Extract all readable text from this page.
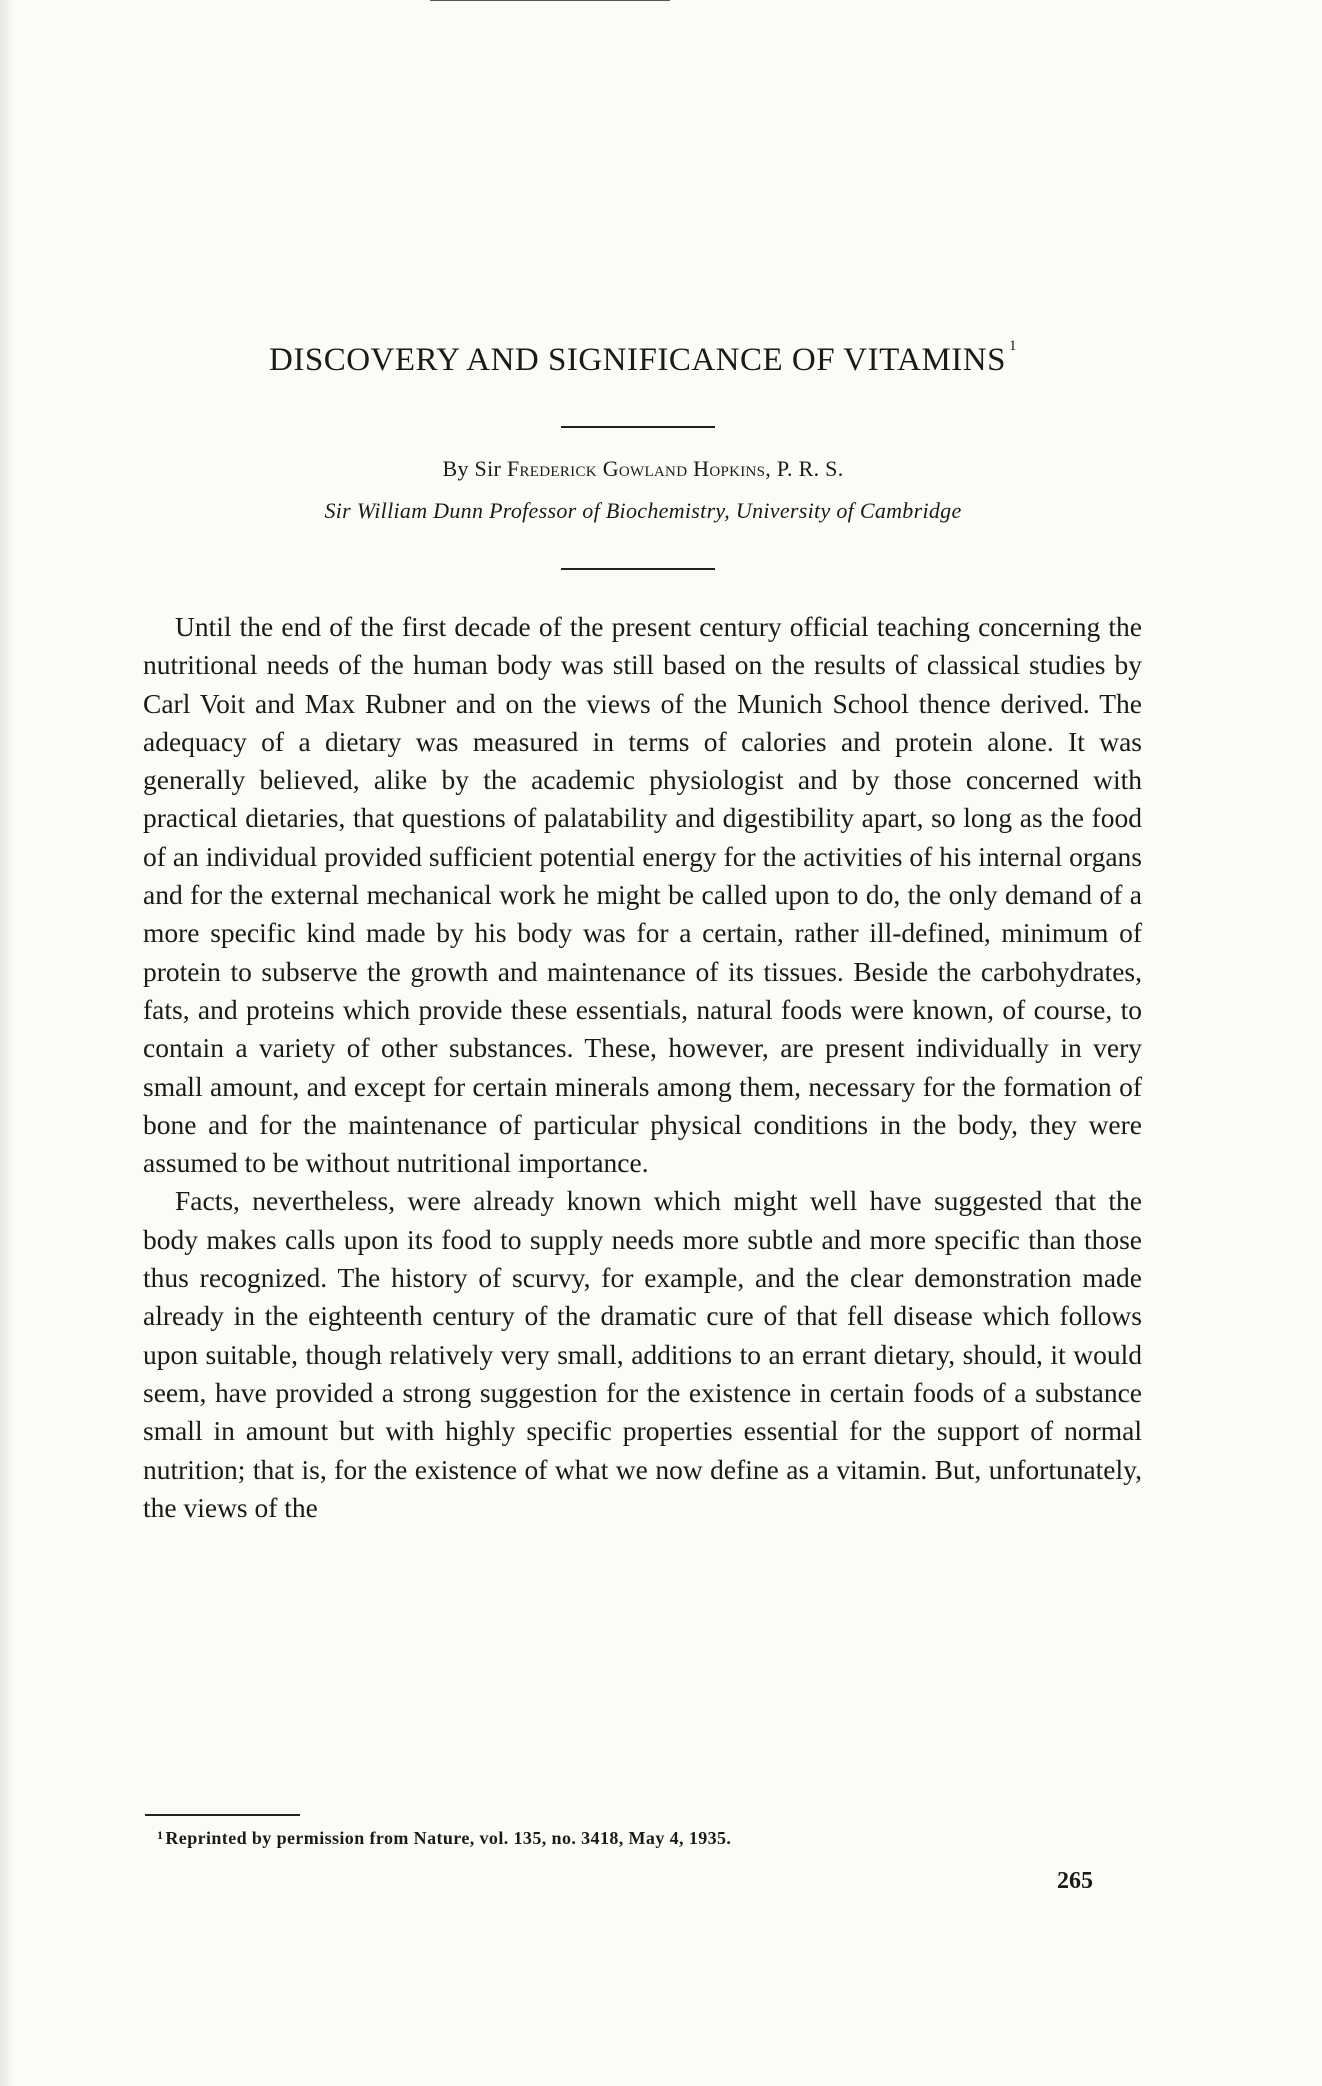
DISCOVERY AND SIGNIFICANCE OF VITAMINS $^1$
By Sir Frederick Gowland Hopkins, P. R. S.
Sir William Dunn Professor of Biochemistry, University of Cambridge

Until the end of the first decade of the present century official teaching concerning the nutritional needs of the human body was still based on the results of classical studies by Carl Voit and Max Rubner and on the views of the Munich School thence derived. The adequacy of a dietary was measured in terms of calories and protein alone. It was generally believed, alike by the academic physiologist and by those concerned with practical dietaries, that questions of palatability and digestibility apart, so long as the food of an individual provided sufficient potential energy for the activities of his internal organs and for the external mechanical work he might be called upon to do, the only demand of a more specific kind made by his body was for a certain, rather ill-defined, minimum of protein to subserve the growth and maintenance of its tissues. Beside the carbohydrates, fats, and proteins which provide these essentials, natural foods were known, of course, to contain a variety of other substances. These, however, are present individually in very small amount, and except for certain minerals among them, necessary for the formation of bone and for the maintenance of particular physical conditions in the body, they were assumed to be without nutritional importance.

Facts, nevertheless, were already known which might well have suggested that the body makes calls upon its food to supply needs more subtle and more specific than those thus recognized. The history of scurvy, for example, and the clear demonstration made already in the eighteenth century of the dramatic cure of that fell disease which follows upon suitable, though relatively very small, additions to an errant dietary, should, it would seem, have provided a strong suggestion for the existence in certain foods of a substance small in amount but with highly specific properties essential for the support of normal nutrition; that is, for the existence of what we now define as a vitamin. But, unfortunately, the views of the

$^1$ Reprinted by permission from Nature, vol. 135, no. 3418, May 4, 1935.
265
